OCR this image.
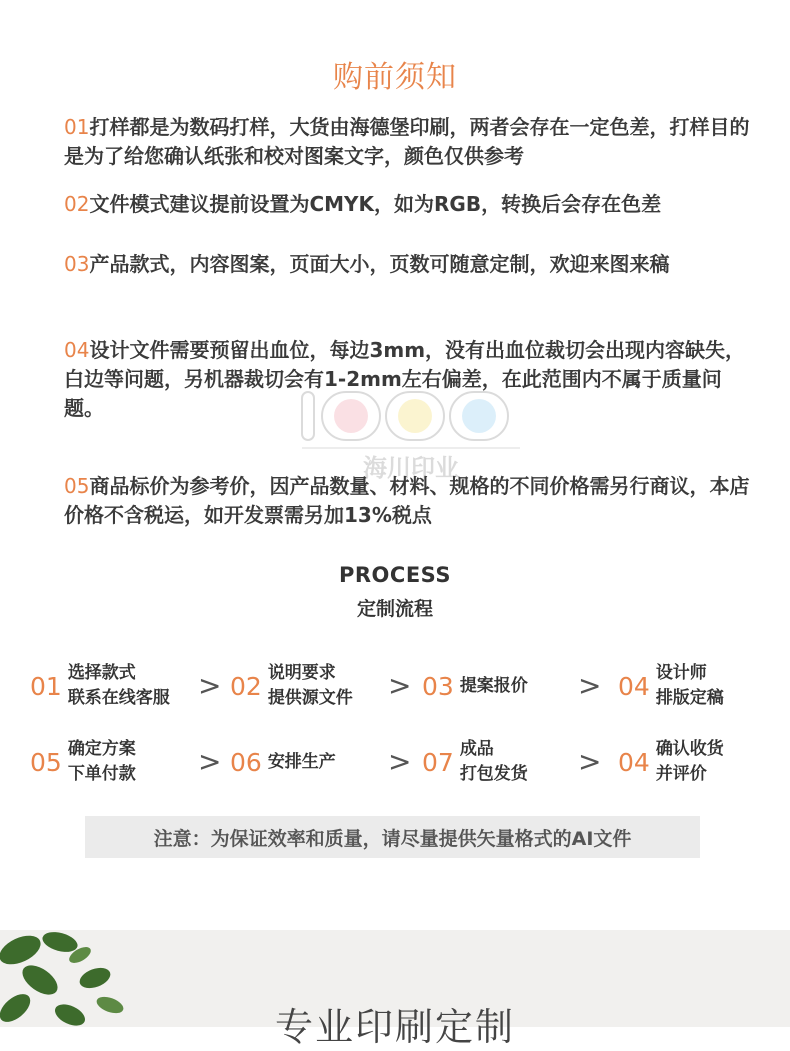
购前须知
01打样都是为数码打样，大货由海德堡印刷，两者会存在一定色差，打样目的是为了给您确认纸张和校对图案文字，颜色仅供参考
02文件模式建议提前设置为CMYK，如为RGB，转换后会存在色差
03产品款式，内容图案，页面大小，页数可随意定制，欢迎来图来稿
04设计文件需要预留出血位，每边3mm，没有出血位裁切会出现内容缺失，白边等问题，另机器裁切会有1-2mm左右偏差，在此范围内不属于质量问题。
海川印业
05商品标价为参考价，因产品数量、材料、规格的不同价格需另行商议，本店价格不含税运，如开发票需另加13%税点
PROCESS
定制流程
01 选择款式
联系在线客服 > 02 说明要求
提供源文件 > 03 提案报价 > 04 设计师
排版定稿
05 确定方案
下单付款 > 06 安排生产 > 07 成品
打包发货 > 04 确认收货
并评价
注意：为保证效率和质量，请尽量提供矢量格式的AI文件
专业印刷定制
